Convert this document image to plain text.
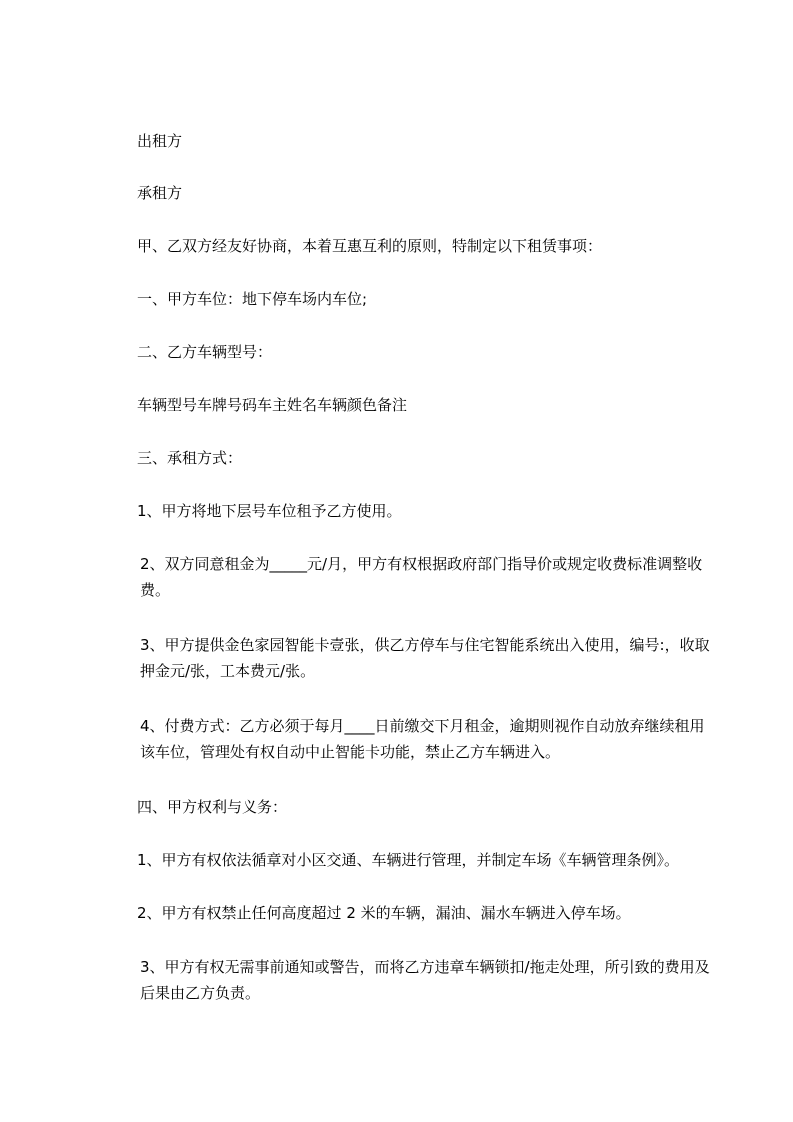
出租方

承租方

甲、乙双方经友好协商，本着互惠互利的原则，特制定以下租赁事项：

一、甲方车位：地下停车场内车位;

二、乙方车辆型号：

车辆型号车牌号码车主姓名车辆颜色备注

三、承租方式：

1、甲方将地下层号车位租予乙方使用。

2、双方同意租金为_____元/月，甲方有权根据政府部门指导价或规定收费标准调整收费。

3、甲方提供金色家园智能卡壹张，供乙方停车与住宅智能系统出入使用，编号:，收取押金元/张，工本费元/张。

4、付费方式：乙方必须于每月____日前缴交下月租金，逾期则视作自动放弃继续租用该车位，管理处有权自动中止智能卡功能，禁止乙方车辆进入。

四、甲方权利与义务：

1、甲方有权依法循章对小区交通、车辆进行管理，并制定车场《车辆管理条例》。

2、甲方有权禁止任何高度超过 2 米的车辆，漏油、漏水车辆进入停车场。

3、甲方有权无需事前通知或警告，而将乙方违章车辆锁扣/拖走处理，所引致的费用及后果由乙方负责。
